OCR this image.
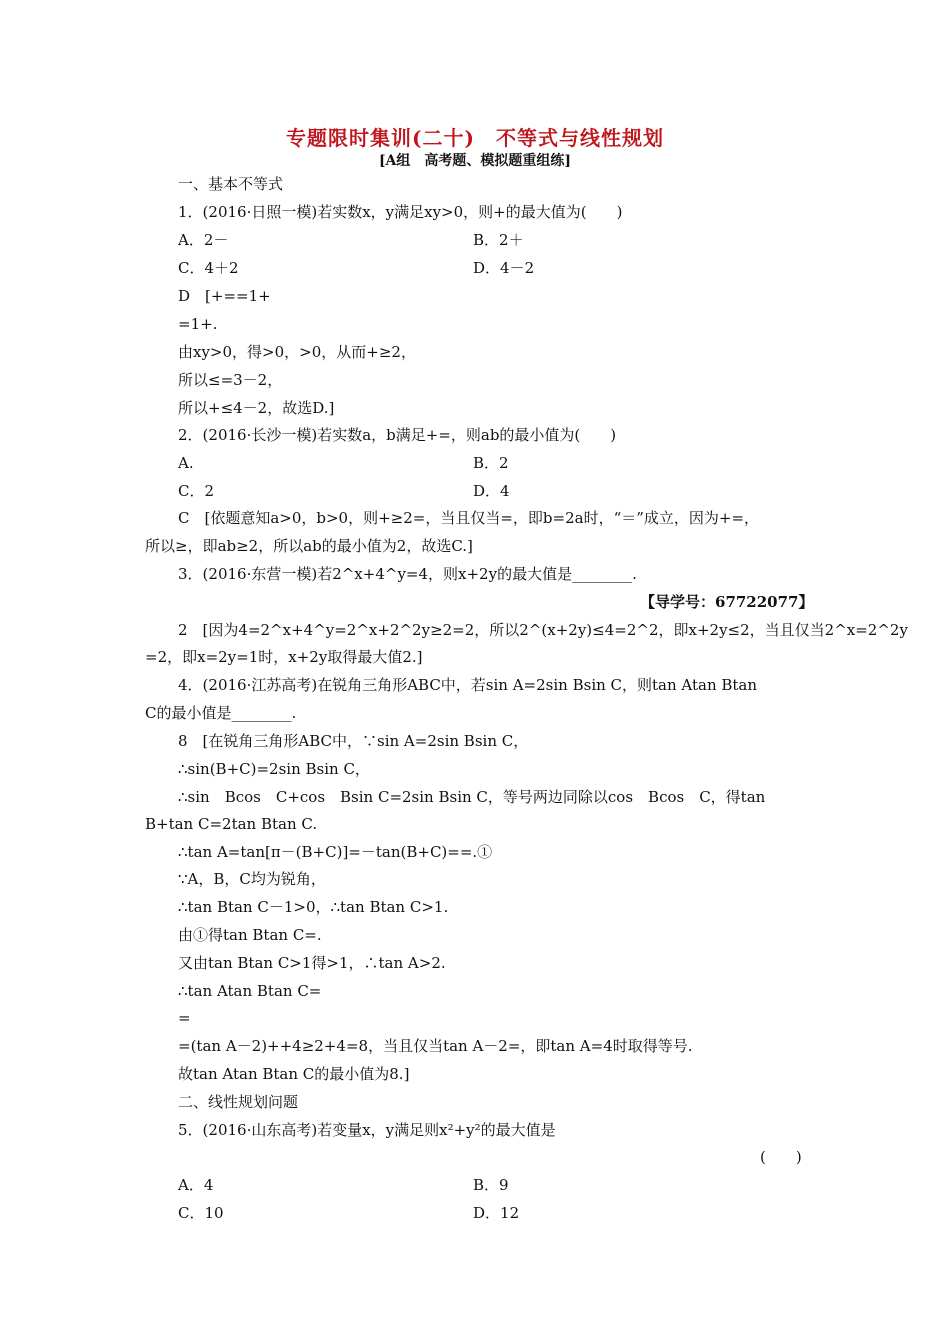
专题限时集训(二十)　不等式与线性规划
[A组　高考题、模拟题重组练]
一、基本不等式
1．(2016·日照一模)若实数x，y满足xy>0，则+的最大值为(　　)
A．2－	B．2＋
C．4＋2	D．4－2
D　[+==1+
=1+.
由xy>0，得>0，>0，从而+≥2，
所以≤=3－2，
所以+≤4－2，故选D.]
2．(2016·长沙一模)若实数a，b满足+=，则ab的最小值为(　　)
A.	B．2
C．2	D．4
C　[依题意知a>0，b>0，则+≥2=，当且仅当=，即b=2a时，“＝”成立，因为+=，
所以≥，即ab≥2，所以ab的最小值为2，故选C.]
3．(2016·东营一模)若2^x+4^y=4，则x+2y的最大值是________.
【导学号：67722077】
2　[因为4=2^x+4^y=2^x+2^2y≥2=2，所以2^(x+2y)≤4=2^2，即x+2y≤2，当且仅当2^x=2^2y
=2，即x=2y=1时，x+2y取得最大值2.]
4．(2016·江苏高考)在锐角三角形ABC中，若sin A=2sin Bsin C，则tan Atan Btan
C的最小值是________.
8　[在锐角三角形ABC中，∵sin A=2sin Bsin C，
∴sin(B+C)=2sin Bsin C，
∴sin　Bcos　C+cos　Bsin C=2sin Bsin C，等号两边同除以cos　Bcos　C，得tan
B+tan C=2tan Btan C.
∴tan A=tan[π－(B+C)]=－tan(B+C)==.①
∵A，B，C均为锐角，
∴tan Btan C－1>0，∴tan Btan C>1.
由①得tan Btan C=.
又由tan Btan C>1得>1，∴tan A>2.
∴tan Atan Btan C=
=
=(tan A－2)++4≥2+4=8，当且仅当tan A－2=，即tan A=4时取得等号.
故tan Atan Btan C的最小值为8.]
二、线性规划问题
5．(2016·山东高考)若变量x，y满足则x²+y²的最大值是
(　　)
A．4	B．9
C．10	D．12
